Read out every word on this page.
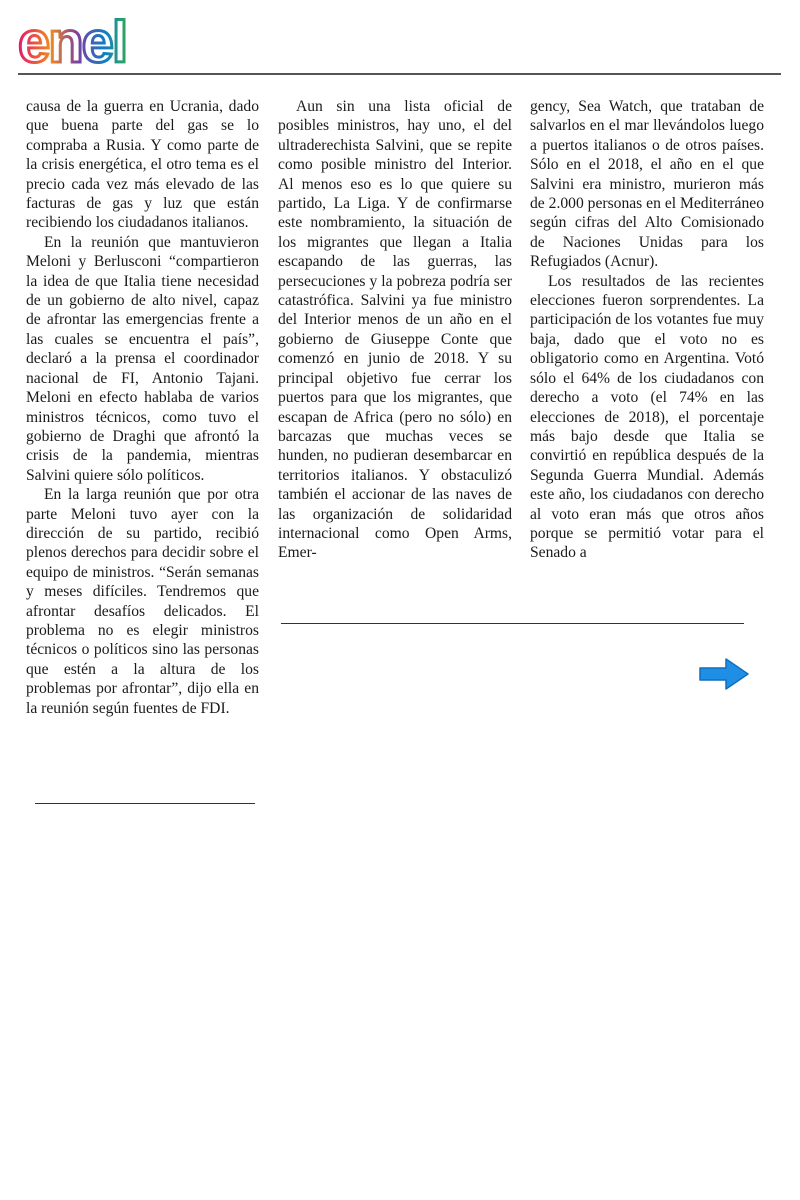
enel

causa de la guerra en Ucrania, dado que buena parte del gas se lo compraba a Rusia. Y como parte de la crisis energética, el otro tema es el precio cada vez más elevado de las facturas de gas y luz que están recibiendo los ciudadanos italianos.

En la reunión que mantuvieron Meloni y Berlusconi “compartieron la idea de que Italia tiene necesidad de un gobierno de alto nivel, capaz de afrontar las emergencias frente a las cuales se encuentra el país”, declaró a la prensa el coordinador nacional de FI, Antonio Tajani. Meloni en efecto hablaba de varios ministros técnicos, como tuvo el gobierno de Draghi que afrontó la crisis de la pandemia, mientras Salvini quiere sólo políticos.

En la larga reunión que por otra parte Meloni tuvo ayer con la dirección de su partido, recibió plenos derechos para decidir sobre el equipo de ministros. “Serán semanas y meses difíciles. Tendremos que afrontar desafíos delicados. El problema no es elegir ministros técnicos o políticos sino las personas que estén a la altura de los problemas por afrontar”, dijo ella en la reunión según fuentes de FDI.

Aun sin una lista oficial de posibles ministros, hay uno, el del ultraderechista Salvini, que se repite como posible ministro del Interior. Al menos eso es lo que quiere su partido, La Liga. Y de confirmarse este nombramiento, la situación de los migrantes que llegan a Italia escapando de las guerras, las persecuciones y la pobreza podría ser catastrófica. Salvini ya fue ministro del Interior menos de un año en el gobierno de Giuseppe Conte que comenzó en junio de 2018. Y su principal objetivo fue cerrar los puertos para que los migrantes, que escapan de Africa (pero no sólo) en barcazas que muchas veces se hunden, no pudieran desembarcar en territorios italianos. Y obstaculizó también el accionar de las naves de las organización de solidaridad internacional como Open Arms, Emer-

gency, Sea Watch, que trataban de salvarlos en el mar llevándolos luego a puertos italianos o de otros países. Sólo en el 2018, el año en el que Salvini era ministro, murieron más de 2.000 personas en el Mediterráneo según cifras del Alto Comisionado de Naciones Unidas para los Refugiados (Acnur).

Los resultados de las recientes elecciones fueron sorprendentes. La participación de los votantes fue muy baja, dado que el voto no es obligatorio como en Argentina. Votó sólo el 64% de los ciudadanos con derecho a voto (el 74% en las elecciones de 2018), el porcentaje más bajo desde que Italia se convirtió en república después de la Segunda Guerra Mundial. Además este año, los ciudadanos con derecho al voto eran más que otros años porque se permitió votar para el Senado a
